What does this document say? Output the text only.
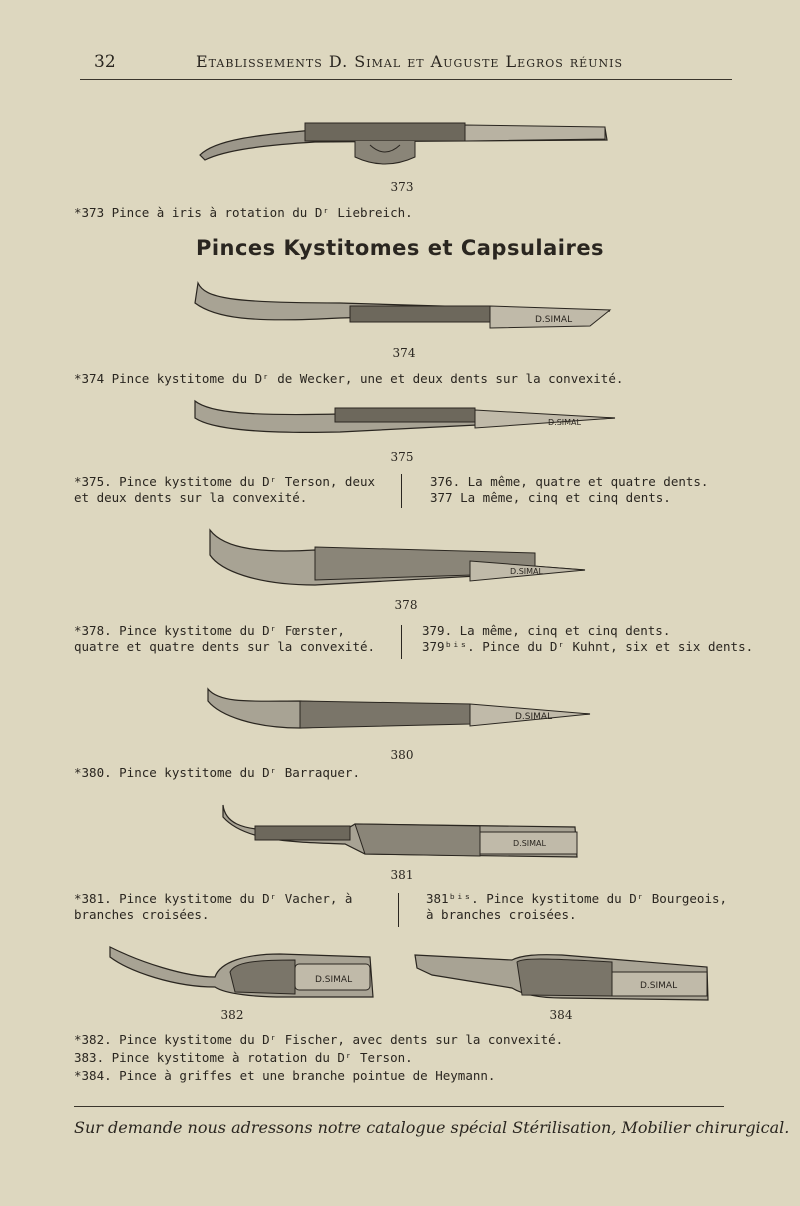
32	Etablissements D. Simal et Auguste Legros réunis
373
*373 Pince à iris à rotation du Dʳ Liebreich.
Pinces Kystitomes et Capsulaires
D.SIMAL
374
*374 Pince kystitome du Dʳ de Wecker, une et deux dents sur la convexité.
D.SIMAL
375
*375. Pince kystitome du Dʳ Terson, deux et deux dents sur la convexité.
376. La même, quatre et quatre dents.
377 La même, cinq et cinq dents.
D.SIMAL
378
*378. Pince kystitome du Dʳ Fœrster, quatre et quatre dents sur la convexité.
379. La même, cinq et cinq dents.
379ᵇⁱˢ. Pince du Dʳ Kuhnt, six et six dents.
D.SIMAL
380
*380. Pince kystitome du Dʳ Barraquer.
D.SIMAL
381
*381. Pince kystitome du Dʳ Vacher, à branches croisées.
381ᵇⁱˢ. Pince kystitome du Dʳ Bourgeois, à branches croisées.
D.SIMAL
382
D.SIMAL
384
*382. Pince kystitome du Dʳ Fischer, avec dents sur la convexité.
383. Pince kystitome à rotation du Dʳ Terson.
*384. Pince à griffes et une branche pointue de Heymann.
Sur demande nous adressons notre catalogue spécial Stérilisation, Mobilier chirurgical.
